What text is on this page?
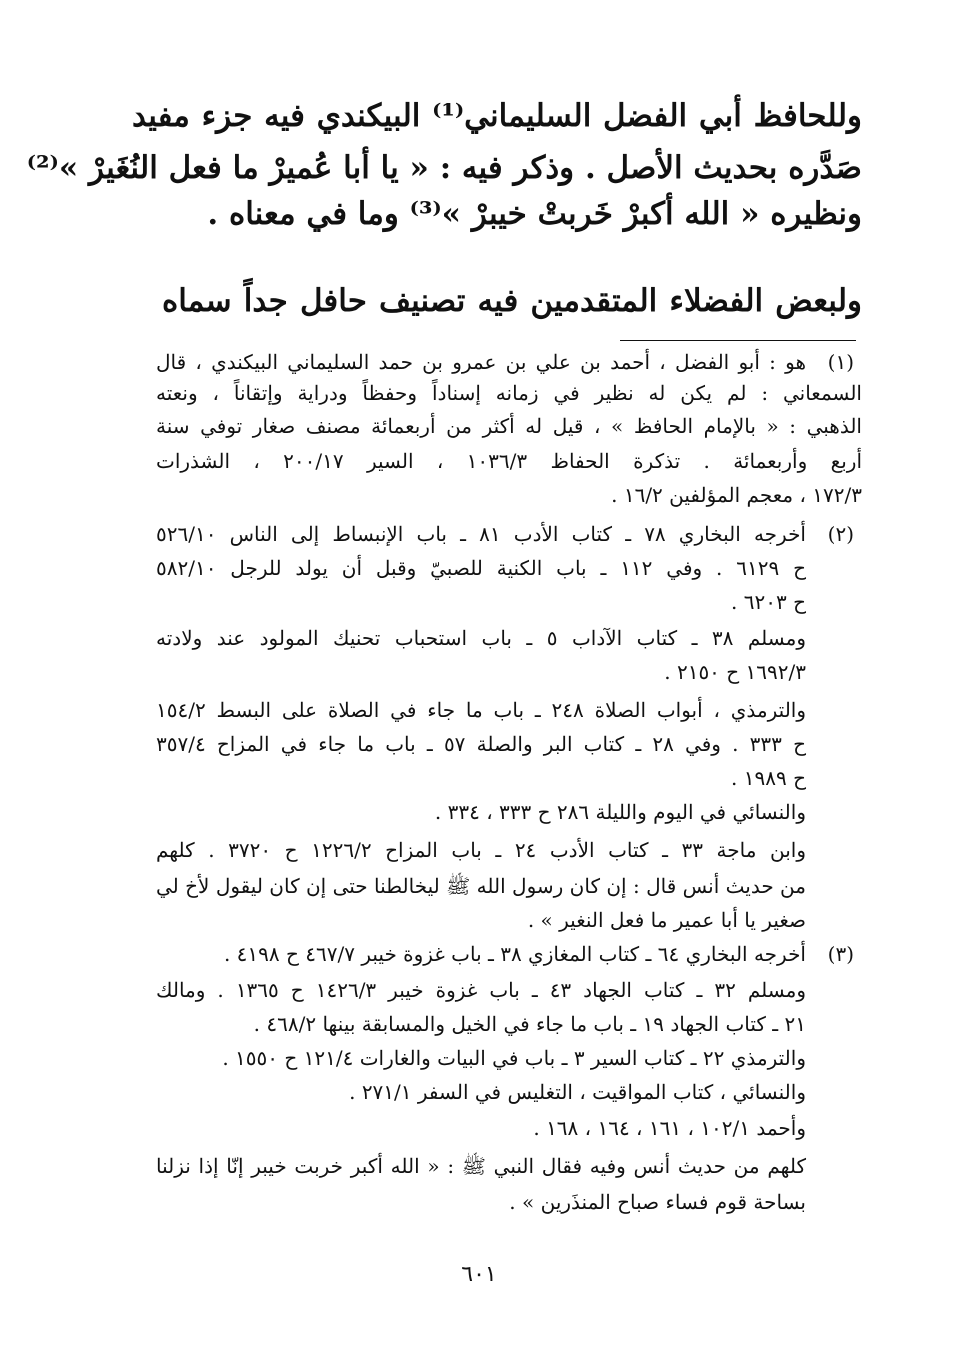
وللحافظ أبي الفضل السليماني⁽¹⁾ البيكندي فيه جزء مفيد
صَدَّره بحديث الأصل . وذكر فيه : « يا أبا عُميرْ ما فعل النُغَيرْ »⁽²⁾
ونظيره « الله أكبرْ خَربتْ خيبرْ »⁽³⁾ وما في معناه .
ولبعض الفضلاء المتقدمين فيه تصنيف حافل جداً سماه
(١)
هو : أبو الفضل ، أحمد بن علي بن عمرو بن حمد السليماني البيكندي ، قال
السمعاني : لم يكن له نظير في زمانه إسناداً وحفظاً ودراية وإتقاناً ، ونعته
الذهبي : « بالإمام الحافظ » ، قيل له أكثر من أربعمائة مصنف صغار توفي سنة
أربع وأربعمائة . تذكرة الحفاظ ١٠٣٦/٣ ، السير ٢٠٠/١٧ ، الشذرات
١٧٢/٣ ، معجم المؤلفين ١٦/٢ .
(٢)
أخرجه البخاري ٧٨ ـ كتاب الأدب ٨١ ـ باب الإنبساط إلى الناس ٥٢٦/١٠
ح ٦١٢٩ . وفي ١١٢ ـ باب الكنية للصبيّ وقبل أن يولد للرجل ٥٨٢/١٠
ح ٦٢٠٣ .
ومسلم ٣٨ ـ كتاب الآداب ٥ ـ باب استحباب تحنيك المولود عند ولادته
١٦٩٢/٣ ح ٢١٥٠ .
والترمذي ، أبواب الصلاة ٢٤٨ ـ باب ما جاء في الصلاة على البسط ١٥٤/٢
ح ٣٣٣ . وفي ٢٨ ـ كتاب البر والصلة ٥٧ ـ باب ما جاء في المزاح ٣٥٧/٤
ح ١٩٨٩ .
والنسائي في اليوم والليلة ٢٨٦ ح ٣٣٣ ، ٣٣٤ .
وابن ماجة ٣٣ ـ كتاب الأدب ٢٤ ـ باب المزاح ١٢٢٦/٢ ح ٣٧٢٠ . كلهم
من حديث أنس قال : إن كان رسول الله ﷺ ليخالطنا حتى إن كان ليقول لأخ لي
صغير يا أبا عمير ما فعل النغير » .
(٣)
أخرجه البخاري ٦٤ ـ كتاب المغازي ٣٨ ـ باب غزوة خيبر ٤٦٧/٧ ح ٤١٩٨ .
ومسلم ٣٢ ـ كتاب الجهاد ٤٣ ـ باب غزوة خيبر ١٤٢٦/٣ ح ١٣٦٥ . ومالك
٢١ ـ كتاب الجهاد ١٩ ـ باب ما جاء في الخيل والمسابقة بينها ٤٦٨/٢ .
والترمذي ٢٢ ـ كتاب السير ٣ ـ باب في البيات والغارات ١٢١/٤ ح ١٥٥٠ .
والنسائي ، كتاب المواقيت ، التغليس في السفر ٢٧١/١ .
وأحمد ١٠٢/١ ، ١٦١ ، ١٦٤ ، ١٦٨ .
كلهم من حديث أنس وفيه فقال النبي ﷺ : « الله أكبر خربت خيبر إنّا إذا نزلنا
بساحة قوم فساء صباح المنذَرين » .
٦٠١
